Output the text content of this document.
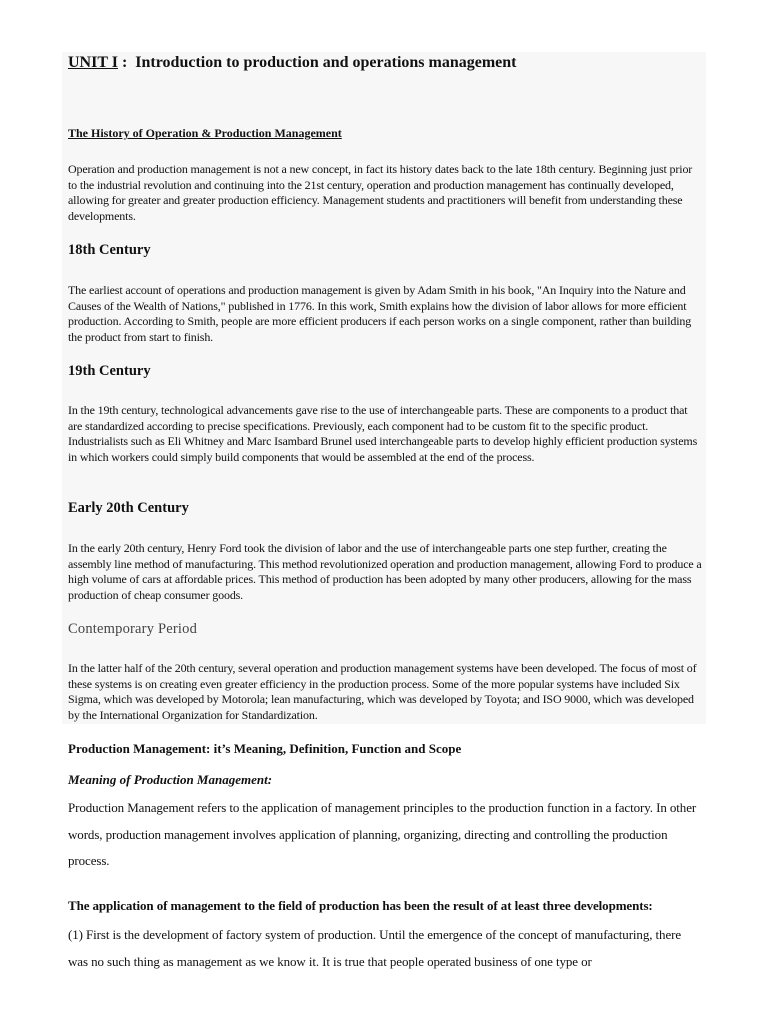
UNIT I :  Introduction to production and operations management
The History of Operation & Production Management

Operation and production management is not a new concept, in fact its history dates back to the late 18th century. Beginning just prior to the industrial revolution and continuing into the 21st century, operation and production management has continually developed, allowing for greater and greater production efficiency. Management students and practitioners will benefit from understanding these developments.

18th Century

The earliest account of operations and production management is given by Adam Smith in his book, "An Inquiry into the Nature and Causes of the Wealth of Nations," published in 1776. In this work, Smith explains how the division of labor allows for more efficient production. According to Smith, people are more efficient producers if each person works on a single component, rather than building the product from start to finish.

19th Century

In the 19th century, technological advancements gave rise to the use of interchangeable parts. These are components to a product that are standardized according to precise specifications. Previously, each component had to be custom fit to the specific product. Industrialists such as Eli Whitney and Marc Isambard Brunel used interchangeable parts to develop highly efficient production systems in which workers could simply build components that would be assembled at the end of the process.

Early 20th Century

In the early 20th century, Henry Ford took the division of labor and the use of interchangeable parts one step further, creating the assembly line method of manufacturing. This method revolutionized operation and production management, allowing Ford to produce a high volume of cars at affordable prices. This method of production has been adopted by many other producers, allowing for the mass production of cheap consumer goods.

Contemporary Period

In the latter half of the 20th century, several operation and production management systems have been developed. The focus of most of these systems is on creating even greater efficiency in the production process. Some of the more popular systems have included Six Sigma, which was developed by Motorola; lean manufacturing, which was developed by Toyota; and ISO 9000, which was developed by the International Organization for Standardization.

Production Management: it’s Meaning, Definition, Function and Scope
Meaning of Production Management:

Production Management refers to the application of management principles to the production function in a factory. In other words, production management involves application of planning, organizing, directing and controlling the production process.

The application of management to the field of production has been the result of at least three developments:

(1) First is the development of factory system of production. Until the emergence of the concept of manufacturing, there was no such thing as management as we know it. It is true that people operated business of one type or
